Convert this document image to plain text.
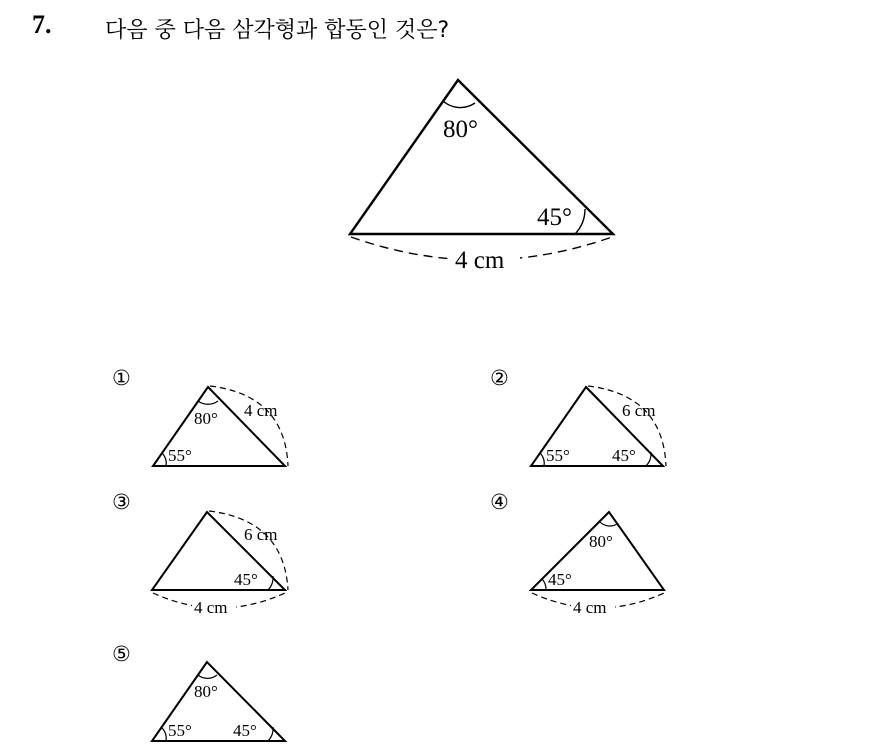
7. 다음 중 다음 삼각형과 합동인 것은?
①	②
③	④
⑤
80°
45°
4 cm
80°
55°
4 cm
55° 45°
6 cm
45°
6 cm
4 cm
80°
45°
4 cm
80°
55° 45°
